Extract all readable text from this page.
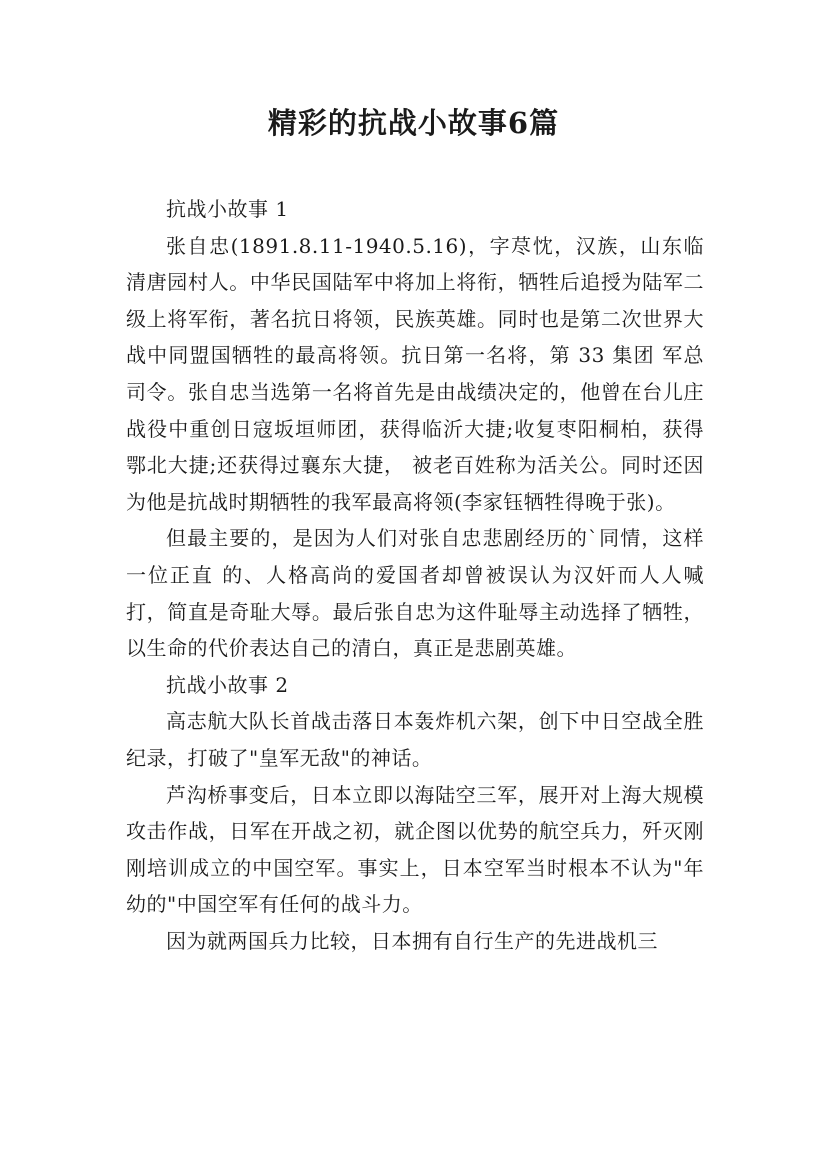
精彩的抗战小故事6篇

抗战小故事 1

张自忠(1891.8.11-1940.5.16)，字荩忱，汉族，山东临清唐园村人。中华民国陆军中将加上将衔，牺牲后追授为陆军二级上将军衔，著名抗日将领，民族英雄。同时也是第二次世界大战中同盟国牺牲的最高将领。抗日第一名将，第 33 集团 军总司令。张自忠当选第一名将首先是由战绩决定的，他曾在台儿庄战役中重创日寇坂垣师团，获得临沂大捷;收复枣阳桐柏，获得鄂北大捷;还获得过襄东大捷， 被老百姓称为活关公。同时还因为他是抗战时期牺牲的我军最高将领(李家钰牺牲得晚于张)。

但最主要的，是因为人们对张自忠悲剧经历的`同情，这样一位正直 的、人格高尚的爱国者却曾被误认为汉奸而人人喊打，简直是奇耻大辱。最后张自忠为这件耻辱主动选择了牺牲，以生命的代价表达自己的清白，真正是悲剧英雄。

抗战小故事 2

高志航大队长首战击落日本轰炸机六架，创下中日空战全胜纪录，打破了"皇军无敌"的神话。

芦沟桥事变后，日本立即以海陆空三军，展开对上海大规模攻击作战，日军在开战之初，就企图以优势的航空兵力，歼灭刚刚培训成立的中国空军。事实上，日本空军当时根本不认为"年幼的"中国空军有任何的战斗力。

因为就两国兵力比较，日本拥有自行生产的先进战机三
